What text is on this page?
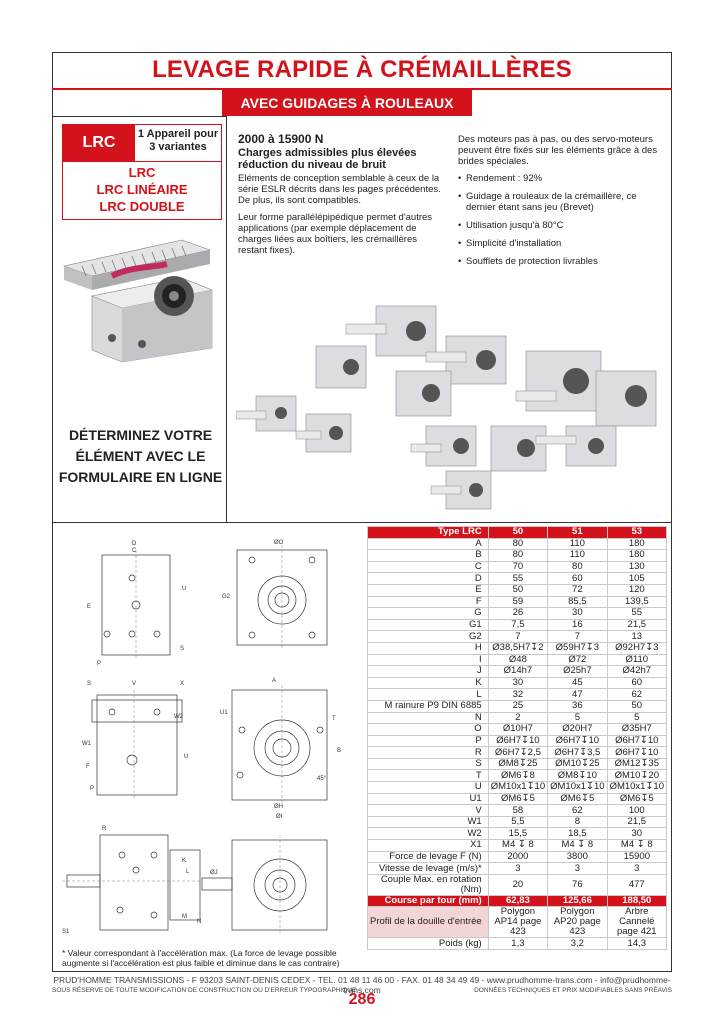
LEVAGE RAPIDE À CRÉMAILLÈRES
AVEC GUIDAGES À ROULEAUX
LRC	1 Appareil pour 3 variantes
LRC
LRC LINÉAIRE
LRC DOUBLE
DÉTERMINEZ VOTRE
ÉLÉMENT AVEC LE
FORMULAIRE EN LIGNE
2000 à 15900 N

Charges admissibles plus élevées réduction du niveau de bruit

Eléments de conception semblable à ceux de la série ESLR décrits dans les pages précédentes.

De plus, ils sont compatibles.

Leur forme parallélépipédique permet d'autres applications (par exemple déplacement de charges liées aux boîtiers, les crémaillères restant fixes).

Des moteurs pas à pas, ou des servo-moteurs peuvent être fixés sur les éléments grâce à des brides spéciales.

• Rendement : 92%
• Guidage à rouleaux de la crémaillère, ce dernier étant sans jeu (Brevet)
• Utilisation jusqu'à 80°C
• Simplicité d'installation
• Soufflets de protection livrables
D
C
U
E
P
S
ØO
G2
S	V	X
W2
W1
U
F
P
A
U1
T
B
45°
ØH
ØI
R
K
L
S1
M
ØJ
N
Type LRC	50	51	53
A	80	110	180
B	80	110	180
C	70	80	130
D	55	60	105
E	50	72	120
F	59	85,5	139,5
G	26	30	55
G1	7,5	16	21,5
G2	7	7	13
H	Ø38,5H7↧2	Ø59H7↧3	Ø92H7↧3
I	Ø48	Ø72	Ø110
J	Ø14h7	Ø25h7	Ø42h7
K	30	45	60
L	32	47	62
M rainure P9 DIN 6885	25	36	50
N	2	5	5
O	Ø10H7	Ø20H7	Ø35H7
P	Ø6H7↧10	Ø6H7↧10	Ø6H7↧10
R	Ø6H7↧2,5	Ø6H7↧3,5	Ø6H7↧10
S	ØM8↧25	ØM10↧25	ØM12↧35
T	ØM6↧8	ØM8↧10	ØM10↧20
U	ØM10x1↧10	ØM10x1↧10	ØM10x1↧10
U1	ØM6↧5	ØM6↧5	ØM6↧5
V	58	62	100
W1	5,5	8	21,5
W2	15,5	18,5	30
X1	M4 ↧ 8	M4 ↧ 8	M4 ↧ 8
Force de levage F (N)	2000	3800	15900
Vitesse de levage (m/s)*	3	3	3
Couple Max. en rotation (Nm)	20	76	477
Course par tour (mm)	62,83	125,66	188,50
Profil de la douille d'entrée	Polygon AP14 page 423	Polygon AP20 page 423	Arbre Cannelé page 421
Poids (kg)	1,3	3,2	14,3
* Valeur correspondant à l'accélération max. (La force de levage possible augmente si l'accélération est plus faible et diminue dans le cas contraire)
PRUD'HOMME TRANSMISSIONS - F 93203 SAINT-DENIS CEDEX - TEL. 01 48 11 46 00 - FAX. 01 48 34 49 49 - www.prudhomme-trans.com - info@prudhomme-trans.com
SOUS RÉSERVE DE TOUTE MODIFICATION DE CONSTRUCTION OU D'ERREUR TYPOGRAPHIQUE	DONNÉES TECHNIQUES ET PRIX MODIFIABLES SANS PRÉAVIS
286
